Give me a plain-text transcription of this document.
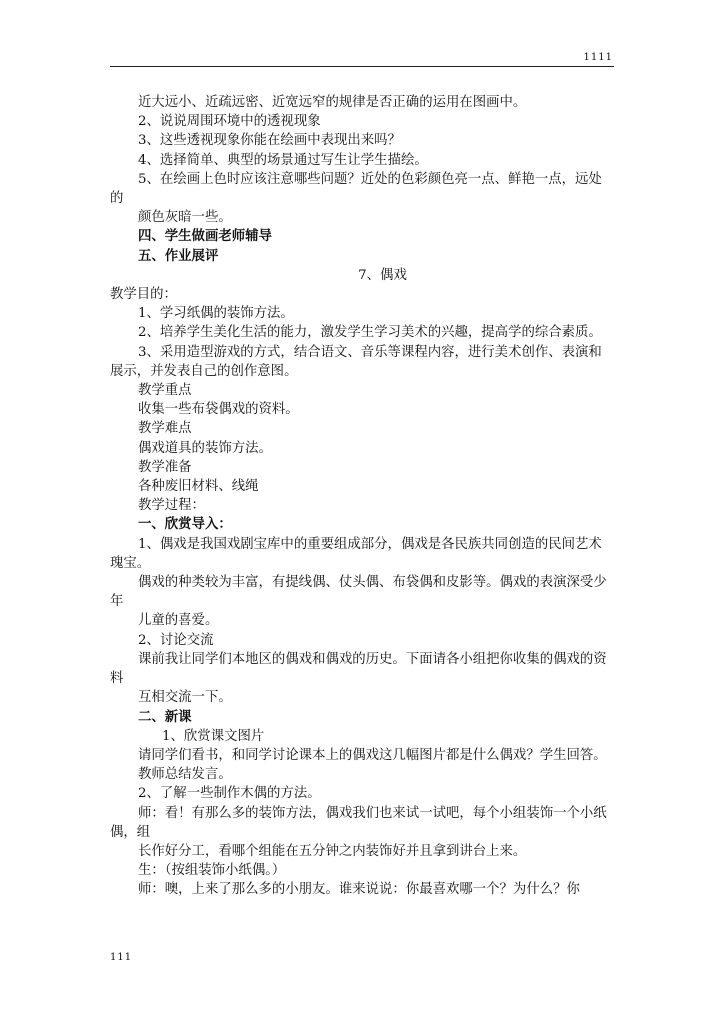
1111

近大远小、近疏远密、近宽远窄的规律是否正确的运用在图画中。

2、说说周围环境中的透视现象

3、这些透视现象你能在绘画中表现出来吗？

4、选择简单、典型的场景通过写生让学生描绘。

5、在绘画上色时应该注意哪些问题？近处的色彩颜色亮一点、鲜艳一点，远处的

颜色灰暗一些。

四、学生做画老师辅导

五、作业展评

7、偶戏

教学目的：

1、学习纸偶的装饰方法。

2、培养学生美化生活的能力，激发学生学习美术的兴趣，提高学的综合素质。

3、采用造型游戏的方式，结合语文、音乐等课程内容，进行美术创作、表演和展示，并发表自己的创作意图。

教学重点

收集一些布袋偶戏的资料。

教学难点

偶戏道具的装饰方法。

教学准备

各种废旧材料、线绳

教学过程：

一、欣赏导入：

1、偶戏是我国戏剧宝库中的重要组成部分，偶戏是各民族共同创造的民间艺术瑰宝。

偶戏的种类较为丰富，有提线偶、仗头偶、布袋偶和皮影等。偶戏的表演深受少年

儿童的喜爱。

2、讨论交流

课前我让同学们本地区的偶戏和偶戏的历史。下面请各小组把你收集的偶戏的资料

互相交流一下。

二、新课

1、欣赏课文图片

请同学们看书，和同学讨论课本上的偶戏这几幅图片都是什么偶戏？学生回答。

教师总结发言。

2、了解一些制作木偶的方法。

师：看！有那么多的装饰方法，偶戏我们也来试一试吧，每个小组装饰一个小纸偶，组

长作好分工，看哪个组能在五分钟之内装饰好并且拿到讲台上来。

生：（按组装饰小纸偶。）

师：噢，上来了那么多的小朋友。谁来说说：你最喜欢哪一个？为什么？你

111
